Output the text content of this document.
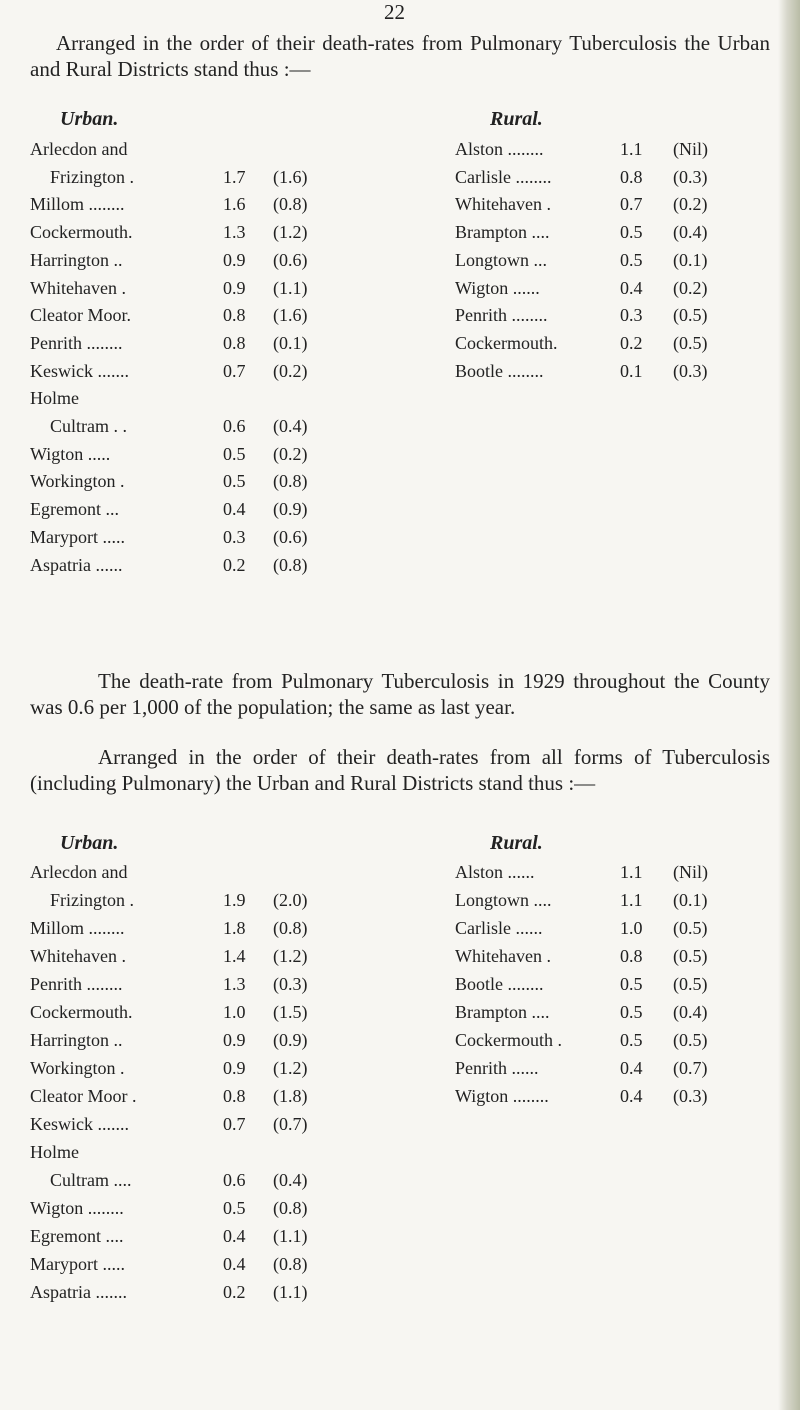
22
Arranged in the order of their death-rates from Pulmonary Tuberculosis the Urban and Rural Districts stand thus :—
Urban.	Rural.
Arlecdon and
Frizington .	1.7 (1.6)
Millom ........	1.6 (0.8)
Cockermouth.	1.3 (1.2)
Harrington ..	0.9 (0.6)
Whitehaven .	0.9 (1.1)
Cleator Moor.	0.8 (1.6)
Penrith ........	0.8 (0.1)
Keswick .......	0.7 (0.2)
Holme
Cultram . .	0.6 (0.4)
Wigton .....	0.5 (0.2)
Workington .	0.5 (0.8)
Egremont ...	0.4 (0.9)
Maryport .....	0.3 (0.6)
Aspatria ......	0.2 (0.8)
Alston ........	1.1 (Nil)
Carlisle ........	0.8 (0.3)
Whitehaven .	0.7 (0.2)
Brampton ....	0.5 (0.4)
Longtown ...	0.5 (0.1)
Wigton ......	0.4 (0.2)
Penrith ........	0.3 (0.5)
Cockermouth.	0.2 (0.5)
Bootle ........	0.1 (0.3)
The death-rate from Pulmonary Tuberculosis in 1929 throughout the County was 0.6 per 1,000 of the population; the same as last year.
Arranged in the order of their death-rates from all forms of Tuberculosis (including Pulmonary) the Urban and Rural Districts stand thus :—
Urban.	Rural.
Arlecdon and
Frizington .	1.9 (2.0)
Millom ........	1.8 (0.8)
Whitehaven .	1.4 (1.2)
Penrith ........	1.3 (0.3)
Cockermouth.	1.0 (1.5)
Harrington ..	0.9 (0.9)
Workington .	0.9 (1.2)
Cleator Moor .	0.8 (1.8)
Keswick .......	0.7 (0.7)
Holme
Cultram ....	0.6 (0.4)
Wigton ........	0.5 (0.8)
Egremont ....	0.4 (1.1)
Maryport .....	0.4 (0.8)
Aspatria .......	0.2 (1.1)
Alston ......	1.1 (Nil)
Longtown ....	1.1 (0.1)
Carlisle ......	1.0 (0.5)
Whitehaven .	0.8 (0.5)
Bootle ........	0.5 (0.5)
Brampton ....	0.5 (0.4)
Cockermouth .	0.5 (0.5)
Penrith ......	0.4 (0.7)
Wigton ........	0.4 (0.3)
